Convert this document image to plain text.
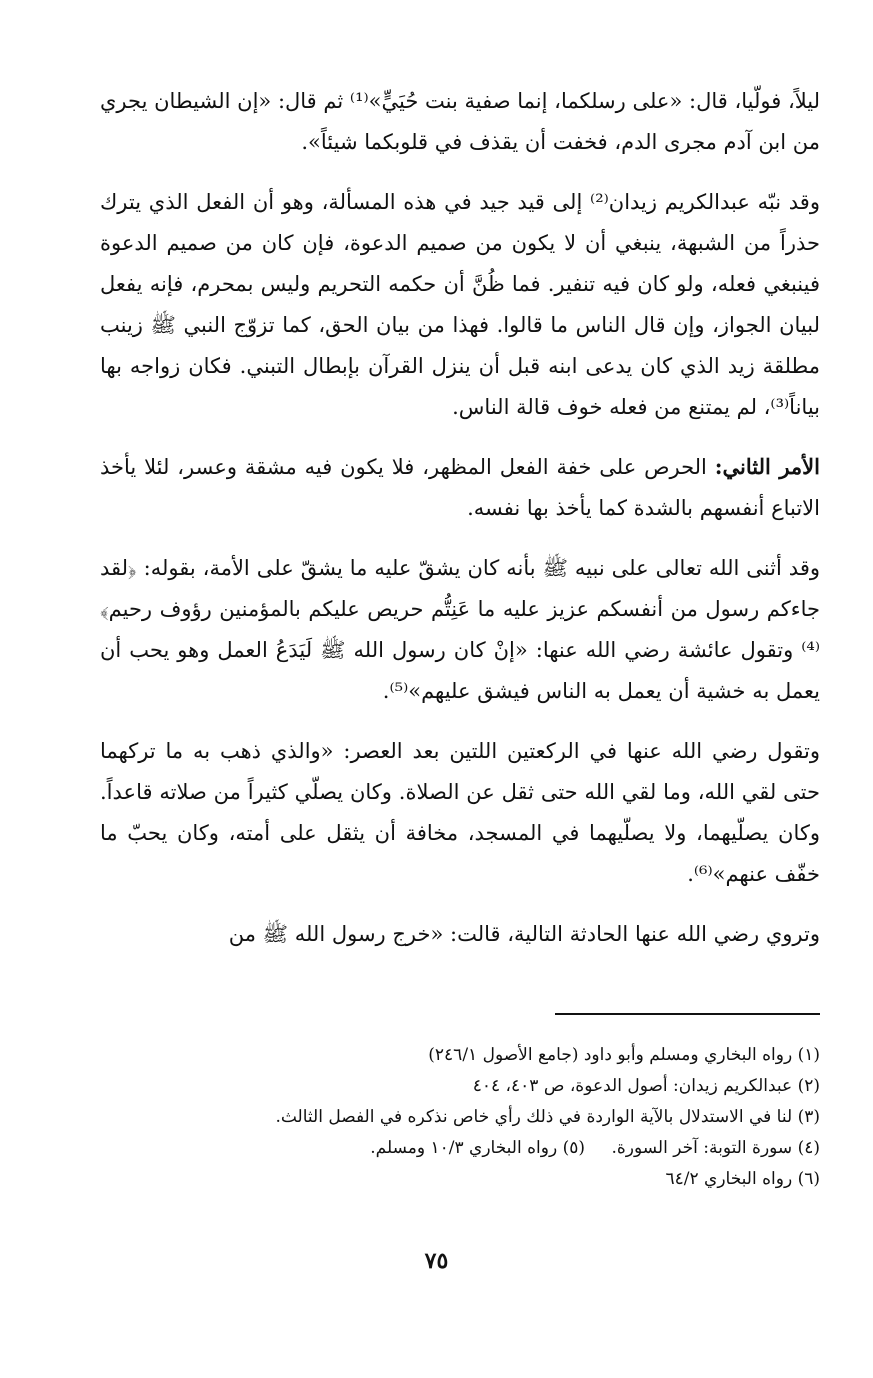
ليلاً، فولّيا، قال: «على رسلكما، إنما صفية بنت حُيَيٍّ»⁽¹⁾ ثم قال: «إن الشيطان يجري من ابن آدم مجرى الدم، فخفت أن يقذف في قلوبكما شيئاً».

وقد نبّه عبدالكريم زيدان⁽²⁾ إلى قيد جيد في هذه المسألة، وهو أن الفعل الذي يترك حذراً من الشبهة، ينبغي أن لا يكون من صميم الدعوة، فإن كان من صميم الدعوة فينبغي فعله، ولو كان فيه تنفير. فما ظُنَّ أن حكمه التحريم وليس بمحرم، فإنه يفعل لبيان الجواز، وإن قال الناس ما قالوا. فهذا من بيان الحق، كما تزوّج النبي ﷺ زينب مطلقة زيد الذي كان يدعى ابنه قبل أن ينزل القرآن بإبطال التبني. فكان زواجه بها بياناً⁽³⁾، لم يمتنع من فعله خوف قالة الناس.

الأمر الثاني: الحرص على خفة الفعل المظهر، فلا يكون فيه مشقة وعسر، لئلا يأخذ الاتباع أنفسهم بالشدة كما يأخذ بها نفسه.

وقد أثنى الله تعالى على نبيه ﷺ بأنه كان يشقّ عليه ما يشقّ على الأمة، بقوله: ﴿لقد جاءكم رسول من أنفسكم عزيز عليه ما عَنِتُّم حريص عليكم بالمؤمنين رؤوف رحيم﴾⁽⁴⁾ وتقول عائشة رضي الله عنها: «إنْ كان رسول الله ﷺ لَيَدَعُ العمل وهو يحب أن يعمل به خشية أن يعمل به الناس فيشق عليهم»⁽⁵⁾.

وتقول رضي الله عنها في الركعتين اللتين بعد العصر: «والذي ذهب به ما تركهما حتى لقي الله، وما لقي الله حتى ثقل عن الصلاة. وكان يصلّي كثيراً من صلاته قاعداً. وكان يصلّيهما، ولا يصلّيهما في المسجد، مخافة أن يثقل على أمته، وكان يحبّ ما خفّف عنهم»⁽⁶⁾.

وتروي رضي الله عنها الحادثة التالية، قالت: «خرج رسول الله ﷺ من

(١) رواه البخاري ومسلم وأبو داود (جامع الأصول ٢٤٦/١)
(٢) عبدالكريم زيدان: أصول الدعوة، ص ٤٠٣، ٤٠٤
(٣) لنا في الاستدلال بالآية الواردة في ذلك رأي خاص نذكره في الفصل الثالث.
(٤) سورة التوبة: آخر السورة.
(٥) رواه البخاري ١٠/٣ ومسلم.
(٦) رواه البخاري ٦٤/٢
٧٥
